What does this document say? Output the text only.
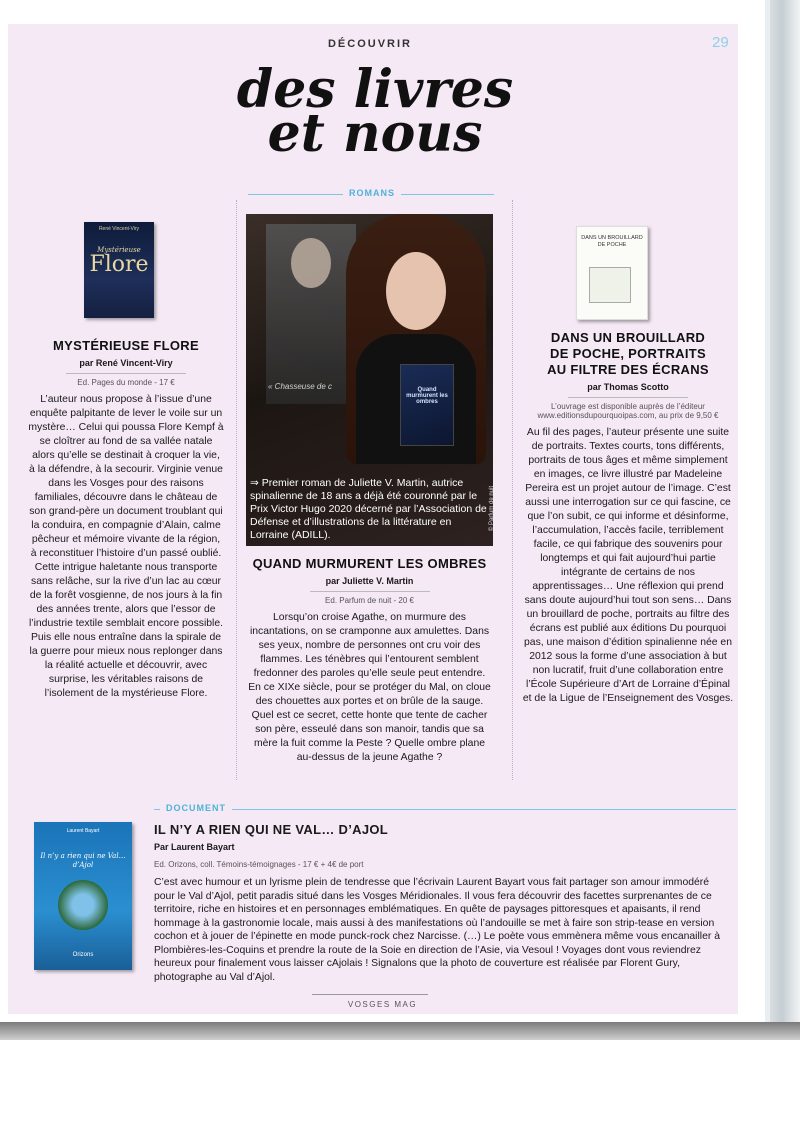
DÉCOUVRIR	29
des livres
et nous
ROMANS
René Vincent-Viry
Mystérieuse
Flore
MYSTÉRIEUSE FLORE
par René Vincent-Viry
Ed. Pages du monde - 17 €
L’auteur nous propose à l’issue d’une enquête palpitante de lever le voile sur un mystère… Celui qui poussa Flore Kempf à se cloîtrer au fond de sa vallée natale alors qu’elle se destinait à croquer la vie, à la défendre, à la secourir. Virginie venue dans les Vosges pour des raisons familiales, découvre dans le château de son grand-père un document troublant qui la conduira, en compagnie d’Alain, calme pêcheur et mémoire vivante de la région, à reconstituer l’histoire d’un passé oublié. Cette intrigue haletante nous transporte sans relâche, sur la rive d’un lac au cœur de la forêt vosgienne, de nos jours à la fin des années trente, alors que l’essor de l’industrie textile semblait encore possible. Puis elle nous entraîne dans la spirale de la guerre pour mieux nous replonger dans la réalité actuelle et découvrir, avec surprise, les véritables raisons de l’isolement de la mystérieuse Flore.
« Chasseuse de c	Quand murmurent les ombres
⇒ Premier roman de Juliette V. Martin, autrice spinalienne de 18 ans a déjà été couronné par le Prix Victor Hugo 2020 décerné par l’Association de Défense et d’illustrations de la littérature en Lorraine (ADILL).
© Parfum de nuit
QUAND MURMURENT LES OMBRES
par Juliette V. Martin
Ed. Parfum de nuit - 20 €
Lorsqu’on croise Agathe, on murmure des incantations, on se cramponne aux amulettes. Dans ses yeux, nombre de personnes ont cru voir des flammes. Les ténèbres qui l’entourent semblent fredonner des paroles qu’elle seule peut entendre. En ce XIXe siècle, pour se protéger du Mal, on cloue des chouettes aux portes et on brûle de la sauge. Quel est ce secret, cette honte que tente de cacher son père, esseulé dans son manoir, tandis que sa mère la fuit comme la Peste ? Quelle ombre plane au-dessus de la jeune Agathe ?
DANS UN BROUILLARD DE POCHE
DANS UN BROUILLARD
DE POCHE, PORTRAITS
AU FILTRE DES ÉCRANS
par Thomas Scotto
L’ouvrage est disponible auprès de l’éditeur www.editionsdupourquoipas.com, au prix de 9,50 €
Au fil des pages, l’auteur présente une suite de portraits. Textes courts, tons différents, portraits de tous âges et même simplement en images, ce livre illustré par Madeleine Pereira est un projet autour de l’image. C’est aussi une interrogation sur ce qui fascine, ce que l’on subit, ce qui informe et désinforme, l’accumulation, l’accès facile, terriblement facile, ce qui fabrique des souvenirs pour longtemps et qui fait aujourd’hui partie intégrante de certains de nos apprentissages… Une réflexion qui prend sans doute aujourd’hui tout son sens… Dans un brouillard de poche, portraits au filtre des écrans est publié aux éditions Du pourquoi pas, une maison d’édition spinalienne née en 2012 sous la forme d’une association à but non lucratif, fruit d’une collaboration entre l’École Supérieure d’Art de Lorraine d’Épinal et de la Ligue de l’Enseignement des Vosges.
DOCUMENT
Laurent Bayart
Il n’y a rien qui ne Val… d’Ajol
Orizons
IL N’Y A RIEN QUI NE VAL… D’AJOL
Par Laurent Bayart
Ed. Orizons, coll. Témoins-témoignages - 17 € + 4€ de port
C’est avec humour et un lyrisme plein de tendresse que l’écrivain Laurent Bayart vous fait partager son amour immodéré pour le Val d’Ajol, petit paradis situé dans les Vosges Méridionales. Il vous fera découvrir des facettes surprenantes de ce territoire, riche en histoires et en personnages emblématiques. En quête de paysages pittoresques et apaisants, il rend hommage à la gastronomie locale, mais aussi à des manifestations où l’andouille se met à faire son strip-tease en version cochon et à jouer de l’épinette en mode punck-rock chez Narcisse. (…) Le poète vous emmènera même vous encanailler à Plombières-les-Coquins et prendre la route de la Soie en direction de l’Asie, via Vesoul ! Voyages dont vous reviendrez heureux pour finalement vous laisser cAjolais ! Signalons que la photo de couverture est réalisée par Florent Gury, photographe au Val d’Ajol.
VOSGES MAG
